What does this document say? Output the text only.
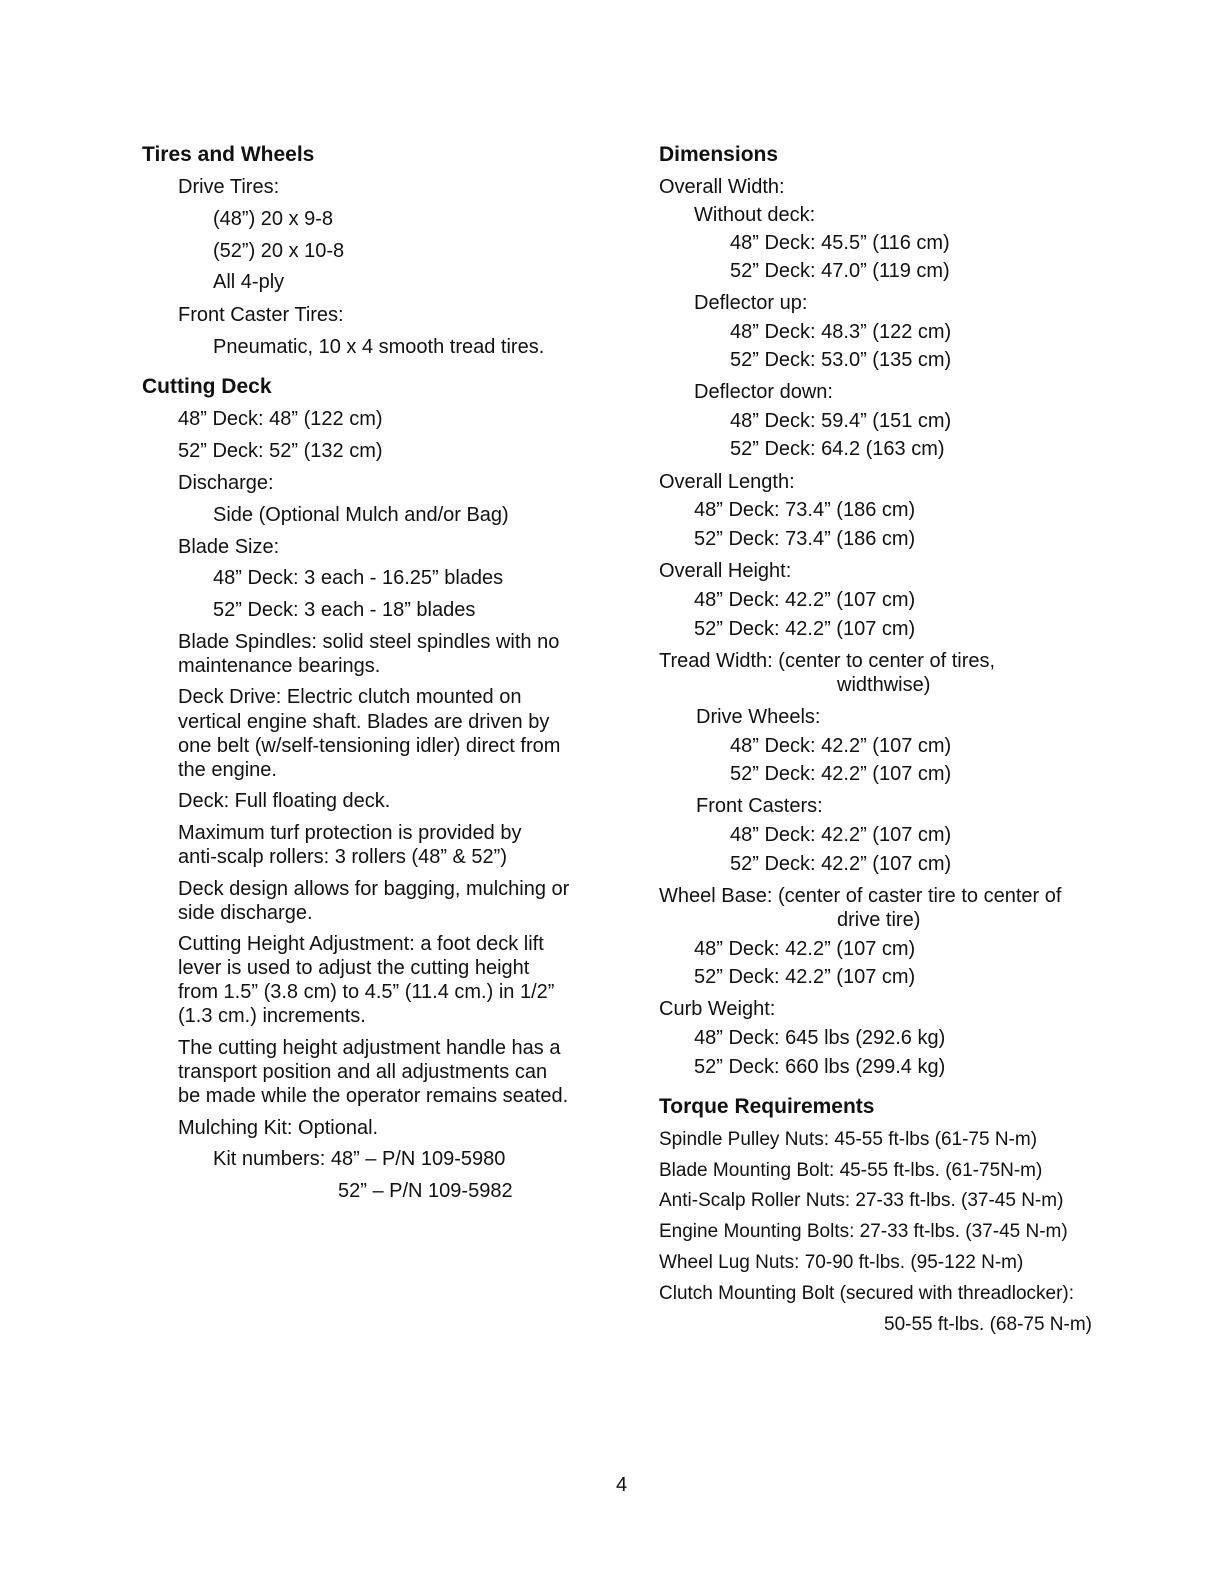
Tires and Wheels
Drive Tires:
(48”) 20 x 9-8
(52”) 20 x 10-8
All 4-ply
Front Caster Tires:
Pneumatic, 10 x 4 smooth tread tires.
Cutting Deck
48” Deck: 48” (122 cm)
52” Deck: 52” (132 cm)
Discharge:
Side (Optional Mulch and/or Bag)
Blade Size:
48” Deck: 3 each - 16.25” blades
52” Deck: 3 each - 18” blades
Blade Spindles: solid steel spindles with no
maintenance bearings.
Deck Drive: Electric clutch mounted on
vertical engine shaft. Blades are driven by
one belt (w/self-tensioning idler) direct from
the engine.
Deck: Full floating deck.
Maximum turf protection is provided by
anti-scalp rollers: 3 rollers (48” & 52”)
Deck design allows for bagging, mulching or
side discharge.
Cutting Height Adjustment: a foot deck lift
lever is used to adjust the cutting height
from 1.5” (3.8 cm) to 4.5” (11.4 cm.) in 1/2”
(1.3 cm.) increments.
The cutting height adjustment handle has a
transport position and all adjustments can
be made while the operator remains seated.
Mulching Kit: Optional.
Kit numbers: 48” – P/N 109-5980
52” – P/N 109-5982
Dimensions
Overall Width:
Without deck:
48” Deck: 45.5” (116 cm)
52” Deck: 47.0” (119 cm)
Deflector up:
48” Deck: 48.3” (122 cm)
52” Deck: 53.0” (135 cm)
Deflector down:
48” Deck: 59.4” (151 cm)
52” Deck: 64.2 (163 cm)
Overall Length:
48” Deck: 73.4” (186 cm)
52” Deck: 73.4” (186 cm)
Overall Height:
48” Deck: 42.2” (107 cm)
52” Deck: 42.2” (107 cm)
Tread Width: (center to center of tires,
widthwise)
Drive Wheels:
48” Deck: 42.2” (107 cm)
52” Deck: 42.2” (107 cm)
Front Casters:
48” Deck: 42.2” (107 cm)
52” Deck: 42.2” (107 cm)
Wheel Base: (center of caster tire to center of
drive tire)
48” Deck: 42.2” (107 cm)
52” Deck: 42.2” (107 cm)
Curb Weight:
48” Deck: 645 lbs (292.6 kg)
52” Deck: 660 lbs (299.4 kg)
Torque Requirements
Spindle Pulley Nuts: 45-55 ft-lbs (61-75 N-m)
Blade Mounting Bolt: 45-55 ft-lbs. (61-75N-m)
Anti-Scalp Roller Nuts: 27-33 ft-lbs. (37-45 N-m)
Engine Mounting Bolts: 27-33 ft-lbs. (37-45 N-m)
Wheel Lug Nuts: 70-90 ft-lbs. (95-122 N-m)
Clutch Mounting Bolt (secured with threadlocker):
50-55 ft-lbs. (68-75 N-m)
4
